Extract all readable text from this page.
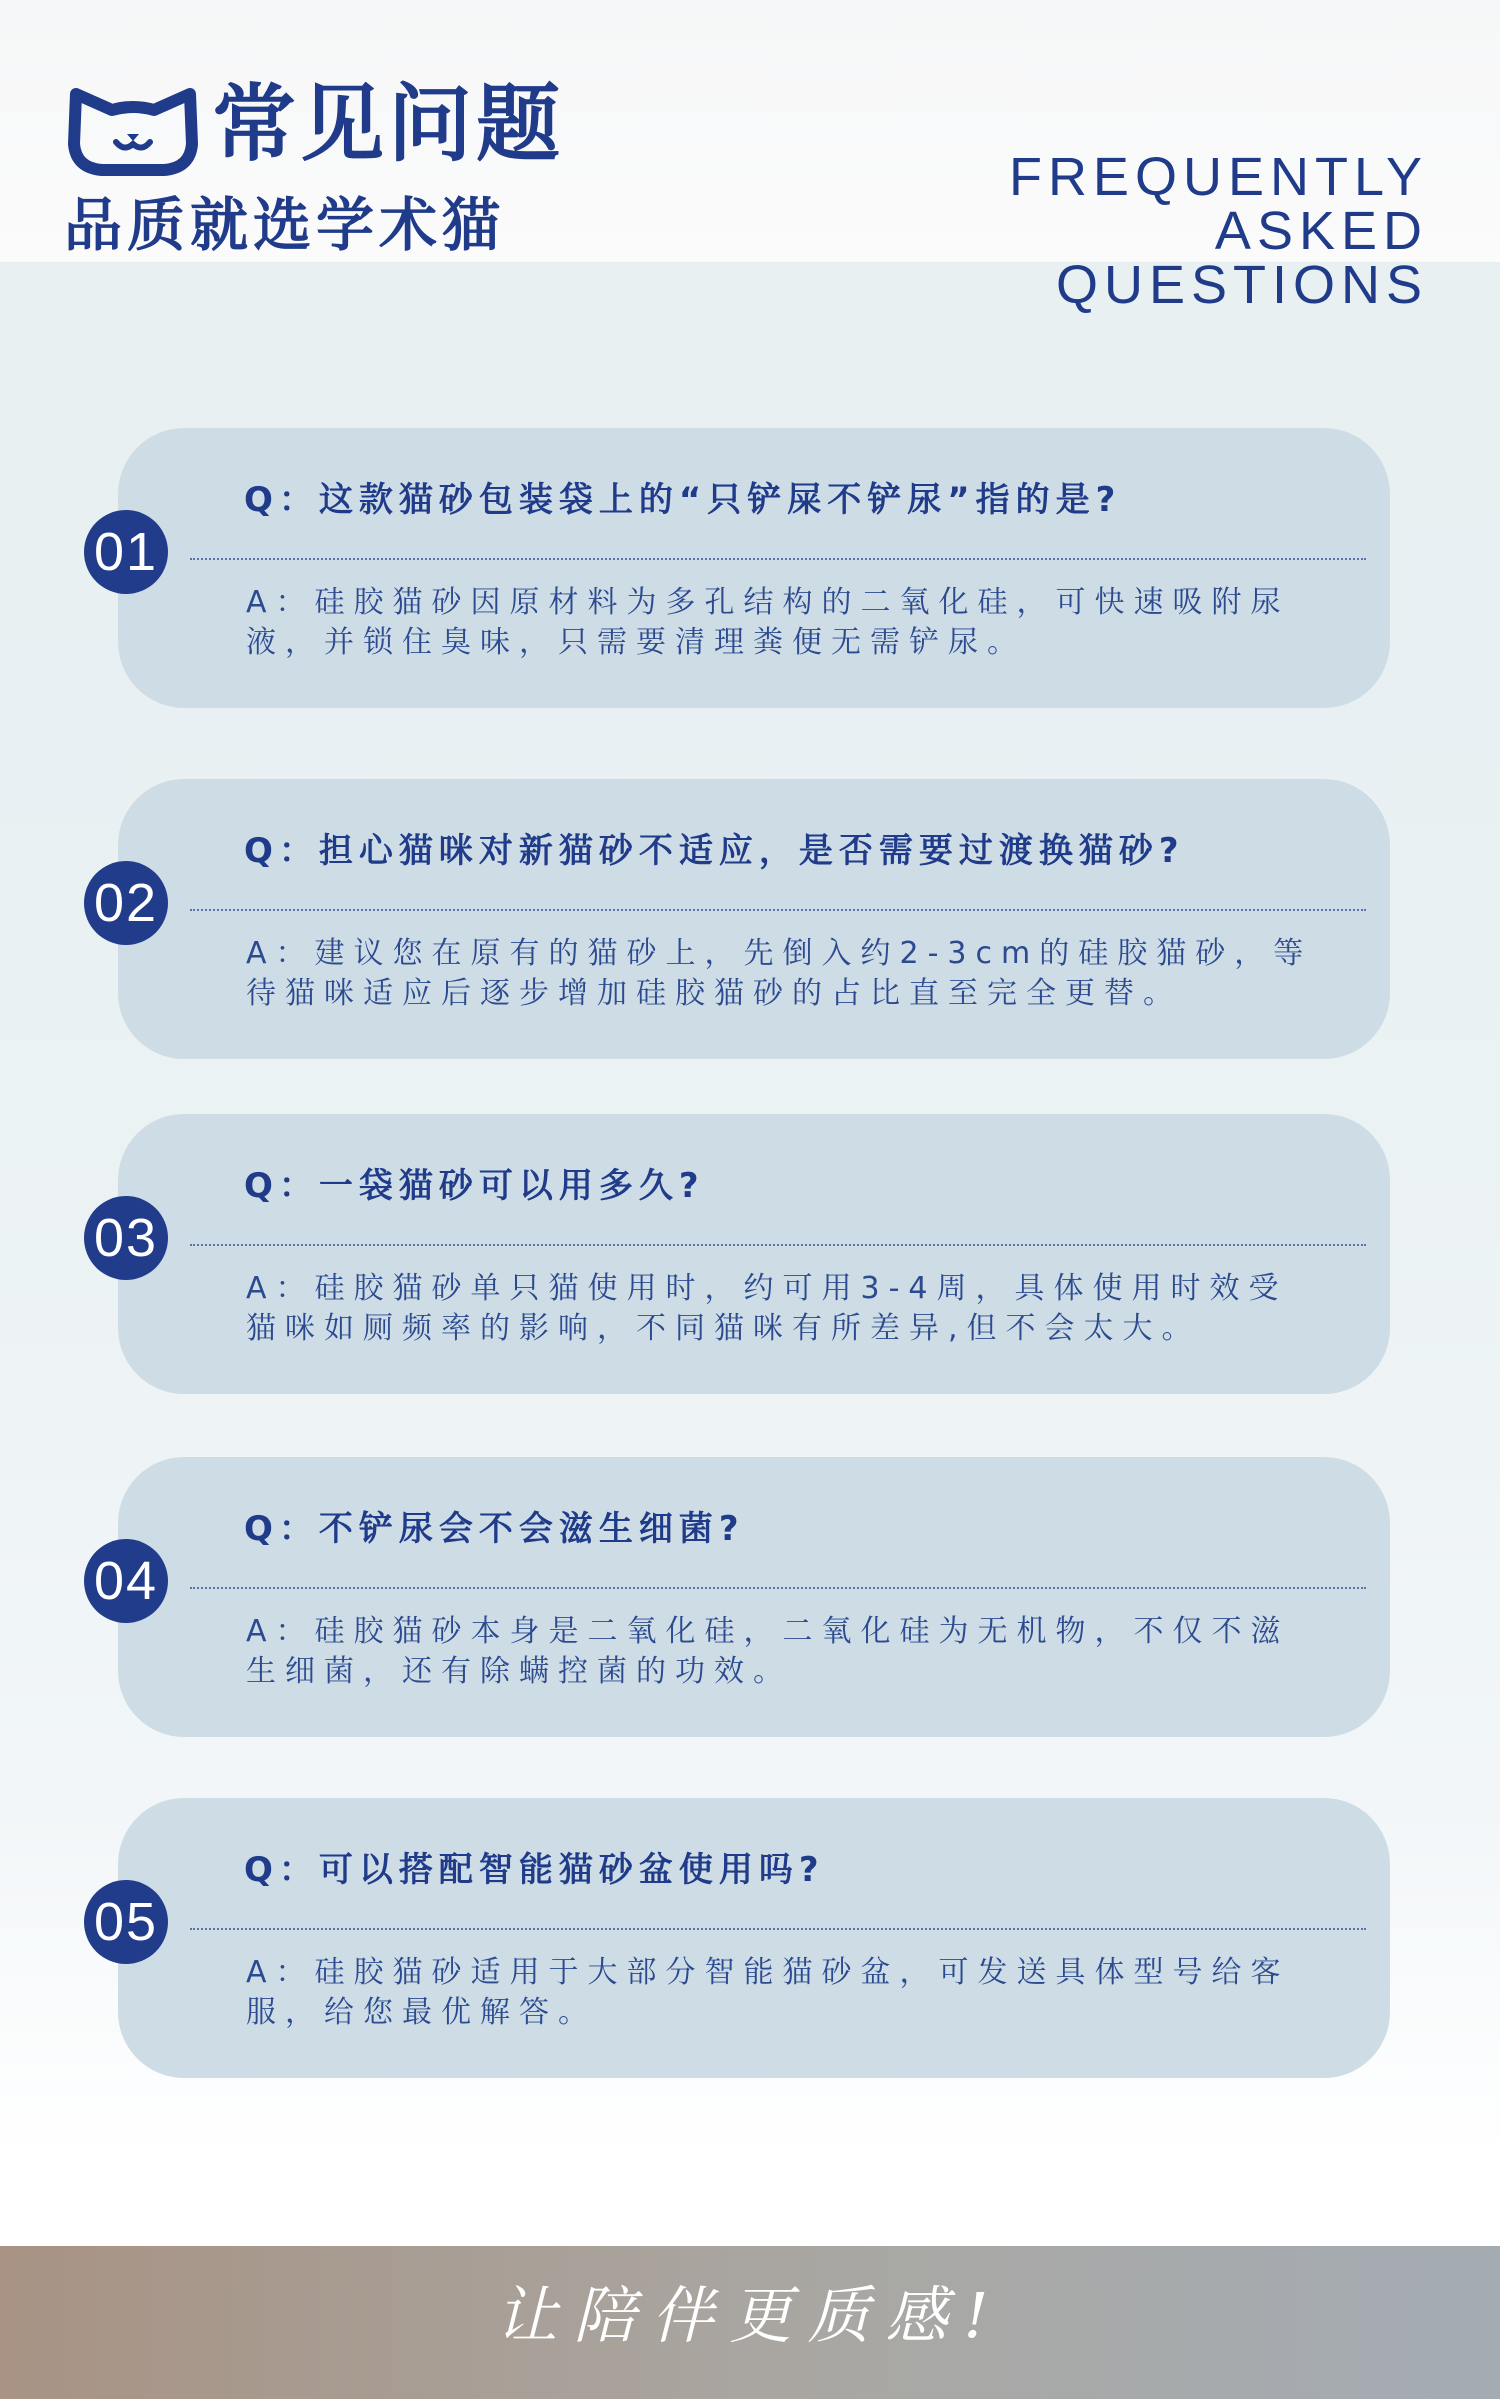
常见问题
品质就选学术猫

FREQUENTLY
ASKED QUESTIONS

Q：这款猫砂包装袋上的“只铲屎不铲尿”指的是?

A：硅胶猫砂因原材料为多孔结构的二氧化硅，可快速吸附尿液，并锁住臭味，只需要清理粪便无需铲尿。

01

Q：担心猫咪对新猫砂不适应，是否需要过渡换猫砂?

A：建议您在原有的猫砂上，先倒入约2-3cm的硅胶猫砂，等待猫咪适应后逐步增加硅胶猫砂的占比直至完全更替。

02

Q：一袋猫砂可以用多久?

A：硅胶猫砂单只猫使用时，约可用3-4周，具体使用时效受猫咪如厕频率的影响，不同猫咪有所差异,但不会太大。

03

Q：不铲尿会不会滋生细菌?

A：硅胶猫砂本身是二氧化硅，二氧化硅为无机物，不仅不滋生细菌，还有除螨控菌的功效。

04

Q：可以搭配智能猫砂盆使用吗?

A：硅胶猫砂适用于大部分智能猫砂盆，可发送具体型号给客服，给您最优解答。

05

让陪伴更质感!
